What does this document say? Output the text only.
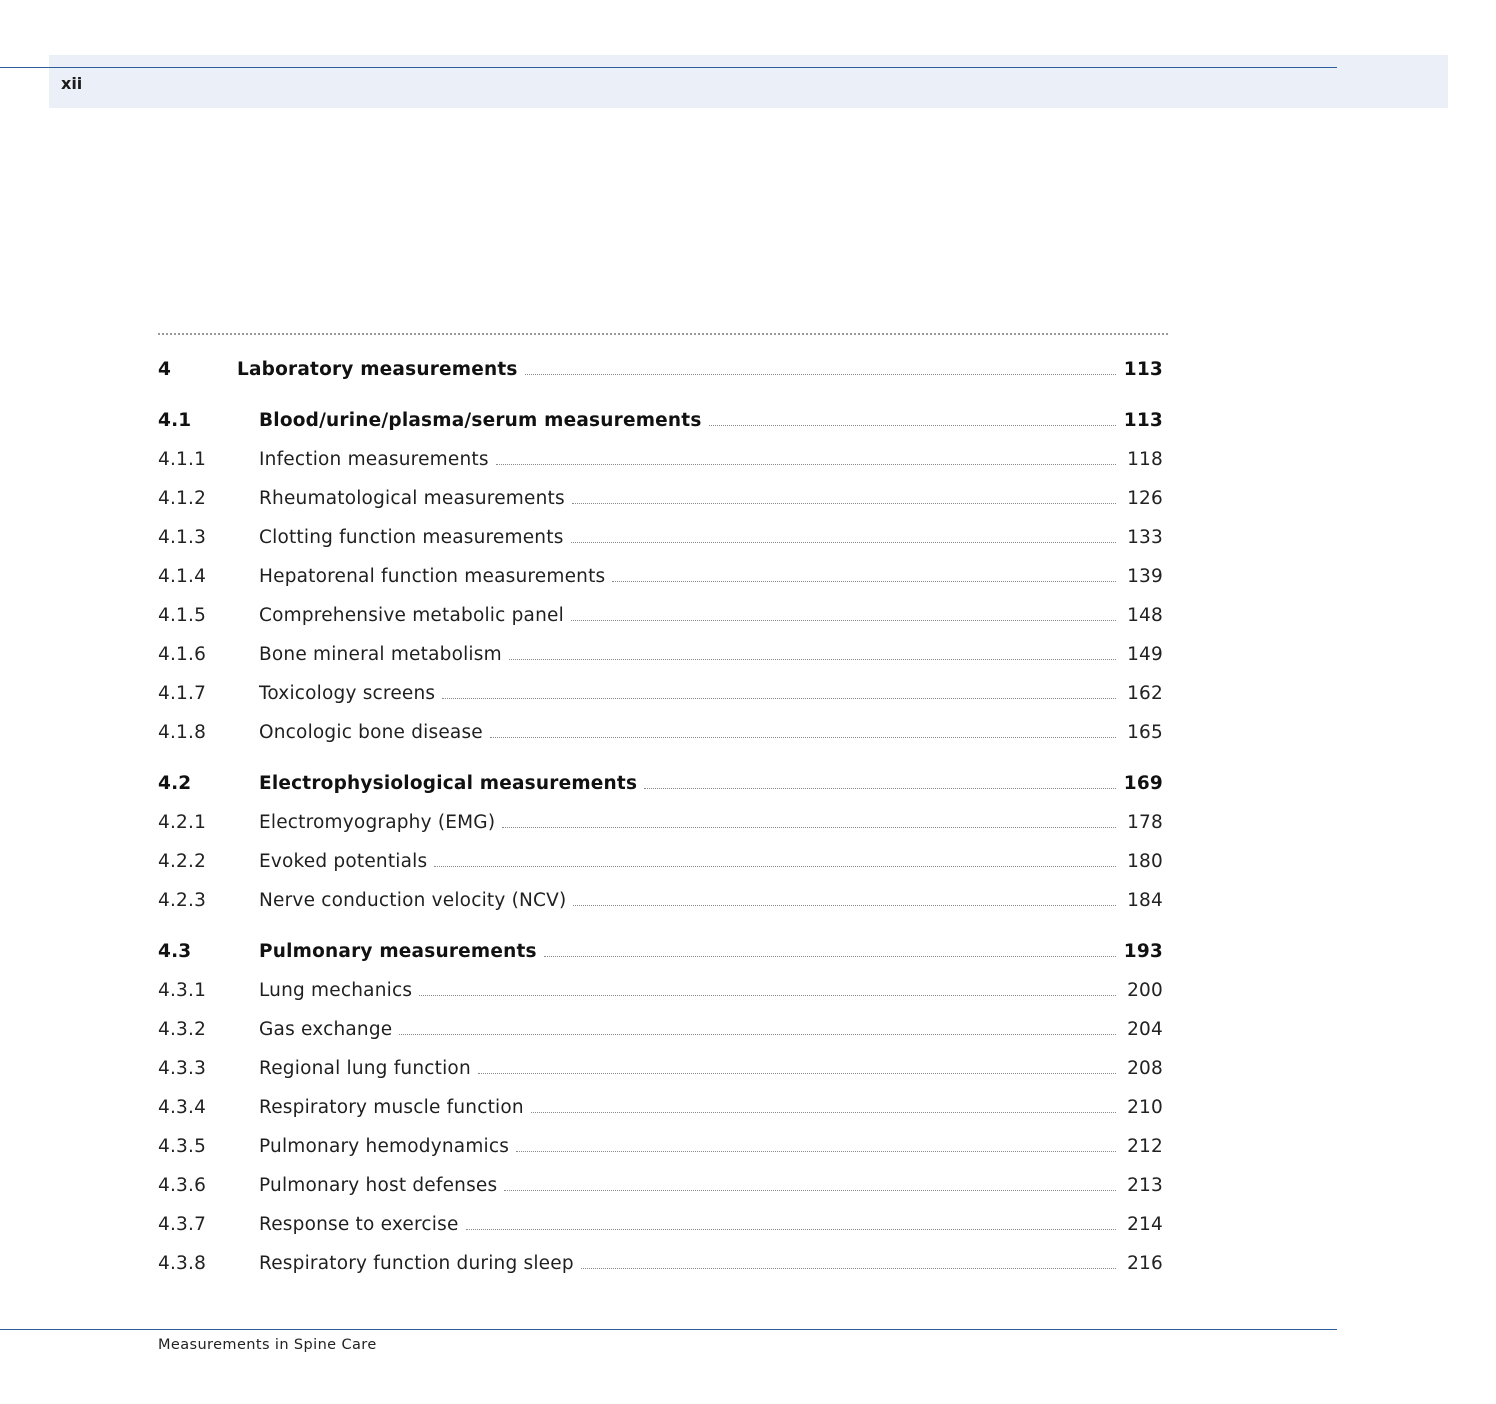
xii
4	Laboratory measurements	113
4.1	Blood/urine/plasma/serum measurements	113
4.1.1	Infection measurements	118
4.1.2	Rheumatological measurements	126
4.1.3	Clotting function measurements	133
4.1.4	Hepatorenal function measurements	139
4.1.5	Comprehensive metabolic panel	148
4.1.6	Bone mineral metabolism	149
4.1.7	Toxicology screens	162
4.1.8	Oncologic bone disease	165
4.2	Electrophysiological measurements	169
4.2.1	Electromyography (EMG)	178
4.2.2	Evoked potentials	180
4.2.3	Nerve conduction velocity (NCV)	184
4.3	Pulmonary measurements	193
4.3.1	Lung mechanics	200
4.3.2	Gas exchange	204
4.3.3	Regional lung function	208
4.3.4	Respiratory muscle function	210
4.3.5	Pulmonary hemodynamics	212
4.3.6	Pulmonary host defenses	213
4.3.7	Response to exercise	214
4.3.8	Respiratory function during sleep	216
Measurements in Spine Care
